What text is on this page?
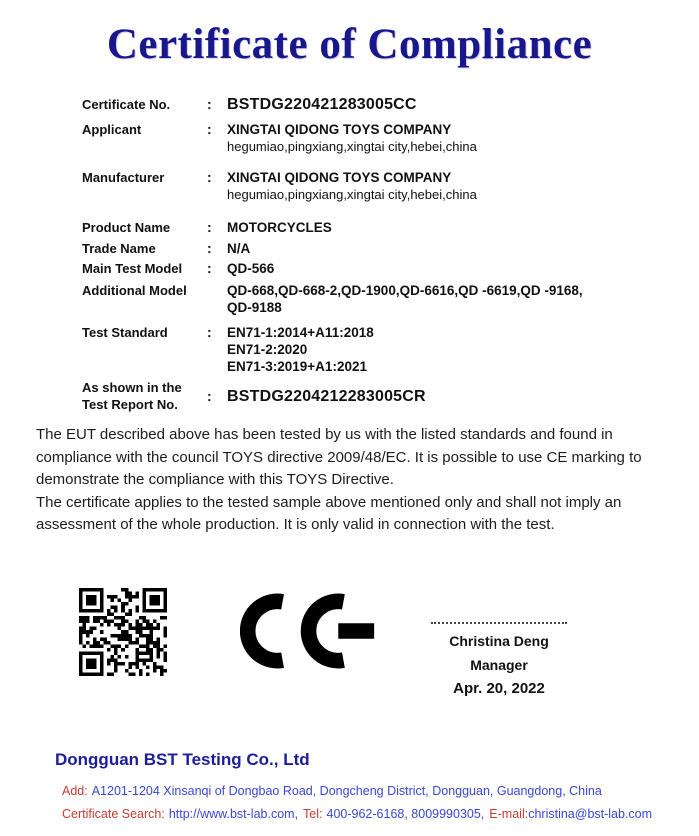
Certificate of Compliance
Certificate No.	: BSTDG220421283005CC
Applicant	:	XINGTAI QIDONG TOYS COMPANY
hegumiao,pingxiang,xingtai city,hebei,china
Manufacturer	:	XINGTAI QIDONG TOYS COMPANY
hegumiao,pingxiang,xingtai city,hebei,china
Product Name	:	MOTORCYCLES
Trade Name	:	N/A
Main Test Model	:	QD-566
Additional Model	QD-668,QD-668-2,QD-1900,QD-6616,QD -6619,QD -9168,
QD-9188
Test Standard	:	EN71-1:2014+A11:2018
EN71-2:2020
EN71-3:2019+A1:2021
As shown in the
Test Report No.
: BSTDG2204212283005CR
The EUT described above has been tested by us with the listed standards and found in compliance with the council TOYS directive 2009/48/EC. It is possible to use CE marking to demonstrate the compliance with this TOYS Directive.
The certificate applies to the tested sample above mentioned only and shall not imply an assessment of the whole production. It is only valid in connection with the test.
Christina Deng
Manager
Apr. 20, 2022
Dongguan BST Testing Co., Ltd
Add: A1201-1204 Xinsanqi of Dongbao Road, Dongcheng District, Dongguan, Guangdong, China
Certificate Search: http://www.bst-lab.com, Tel: 400-962-6168, 8009990305, E-mail:christina@bst-lab.com
